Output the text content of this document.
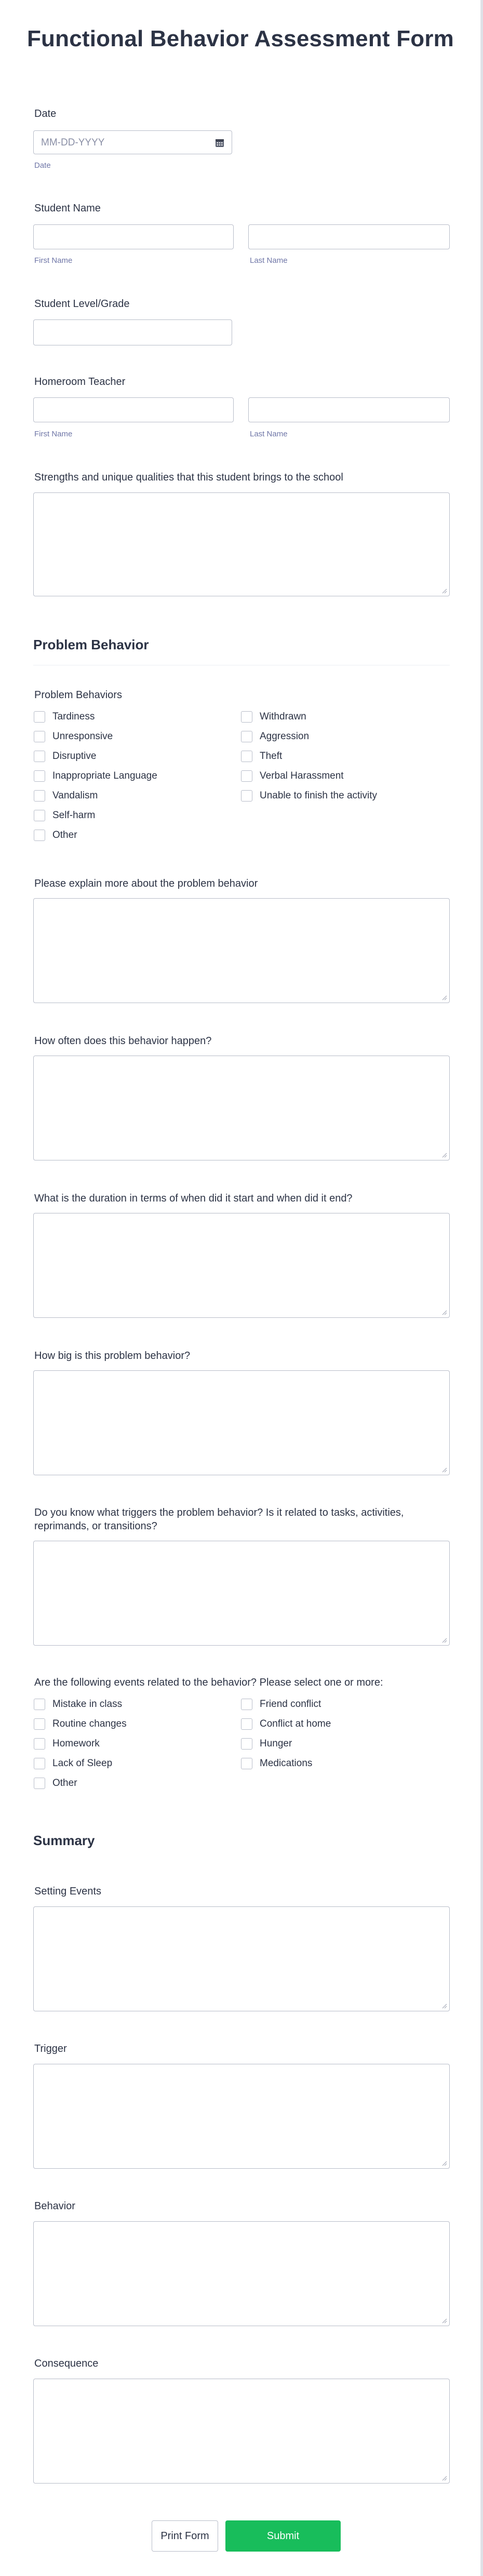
Functional Behavior Assessment Form
Date
MM-DD-YYYY
Date
Student Name
First Name	Last Name
Student Level/Grade
Homeroom Teacher
First Name	Last Name
Strengths and unique qualities that this student brings to the school
Problem Behavior
Problem Behaviors
Tardiness
Unresponsive
Disruptive
Inappropriate Language
Vandalism
Self-harm
Other
Withdrawn
Aggression
Theft
Verbal Harassment
Unable to finish the activity
Please explain more about the problem behavior
How often does this behavior happen?
What is the duration in terms of when did it start and when did it end?
How big is this problem behavior?
Do you know what triggers the problem behavior? Is it related to tasks, activities,
reprimands, or transitions?
Are the following events related to the behavior? Please select one or more:
Mistake in class
Routine changes
Homework
Lack of Sleep
Other
Friend conflict
Conflict at home
Hunger
Medications
Summary
Setting Events
Trigger
Behavior
Consequence
Print Form	Submit
